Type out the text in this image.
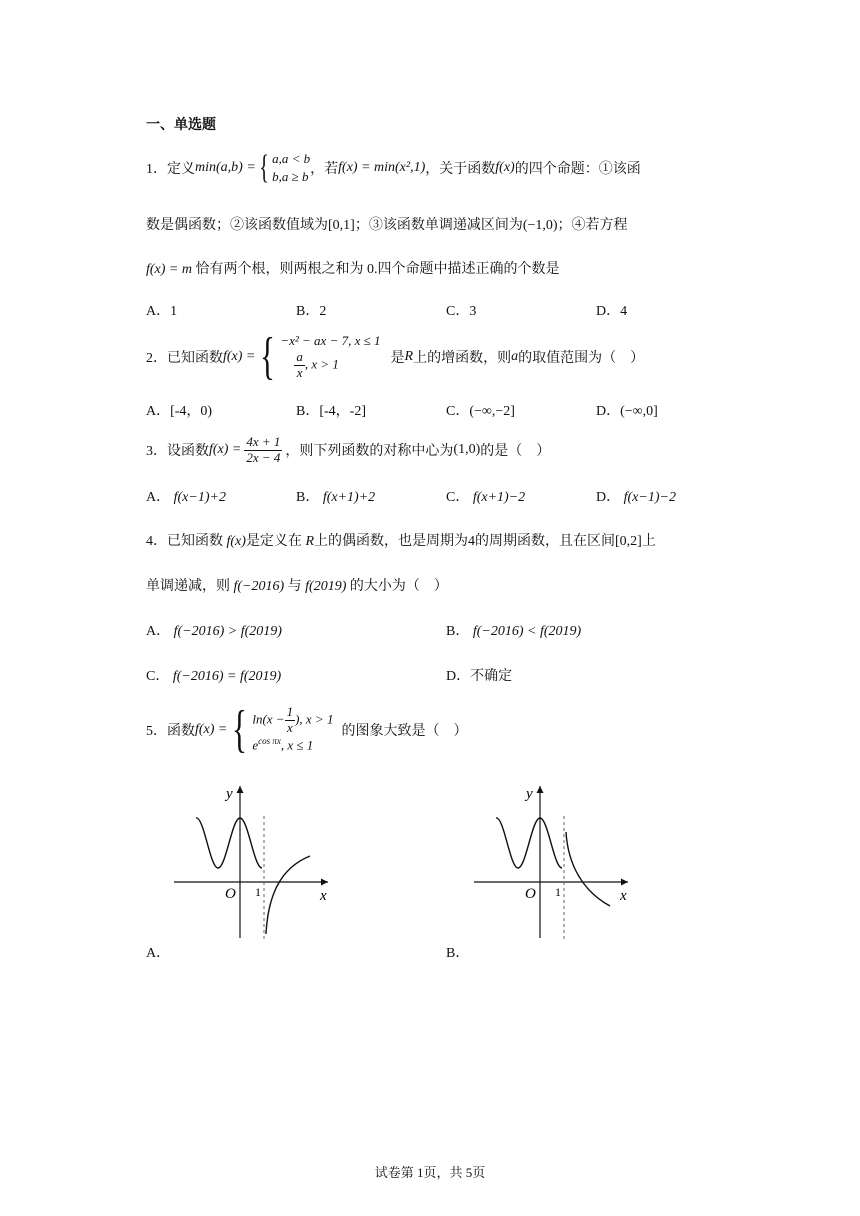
一、单选题
1． 定义 min(a,b) = { a,a < b
b,a ≥ b ，若 f(x) = min(x²,1) ，关于函数 f(x) 的四个命题：①该函
数是偶函数；②该函数值域为[0,1]；③该函数单调递减区间为(−1,0)；④若方程
f(x) = m 恰有两个根，则两根之和为 0.四个命题中描述正确的个数是
A．1	B．2	C．3	D．4
2． 已知函数 f(x) = { −x² − ax − 7, x ≤ 1
$\frac{a}{x}$ , x > 1	是 R 上的增函数，则 a 的取值范围为（　）
A．[-4，0)	B．[-4，-2]	C．(−∞,−2]	D．(−∞,0]
3． 设函数 $f(x) = \frac{4x + 1}{2x - 4}$ ，则下列函数的对称中心为 (1,0) 的是（　）
A． f(x−1)+2	B． f(x+1)+2	C． f(x+1)−2	D． f(x−1)−2
4．已知函数 f(x)是定义在 R上的偶函数，也是周期为4的周期函数，且在区间[0,2]上
单调递减，则 f(−2016) 与 f(2019) 的大小为（　）
A． f(−2016) > f(2019)	B． f(−2016) < f(2019)
C． f(−2016) = f(2019)	D．不确定
5． 函数 f(x) = { $\ln(x - \frac{1}{x}$ ), x > 1
$e^{cos \pi x}$, x ≤ 1
的图象大致是（　）
y
O 1	x
A．
y
O 1	x
B．
试卷第 1页，共 5页
